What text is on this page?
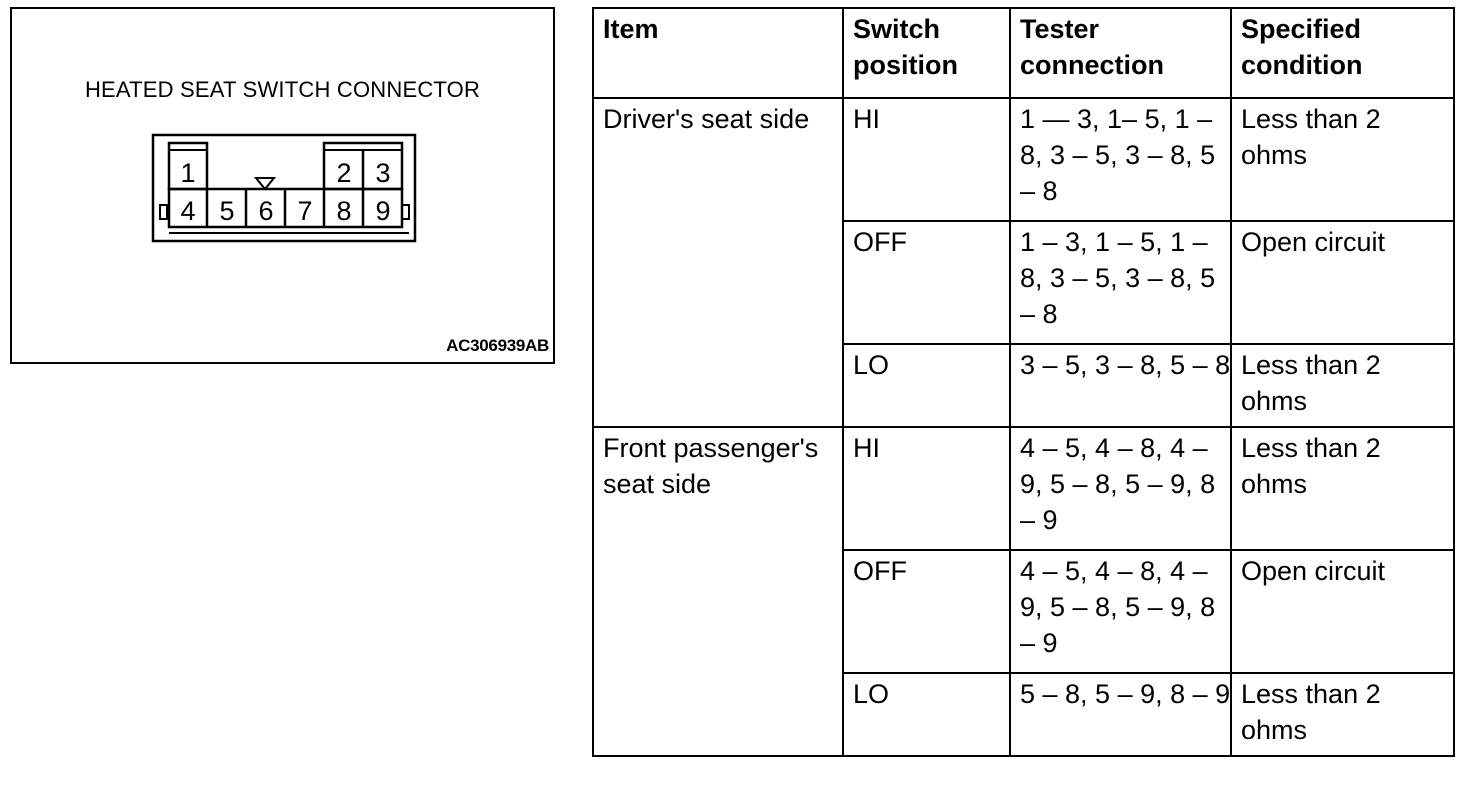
HEATED SEAT SWITCH CONNECTOR
1	2 3
4 5 6 7 8 9
AC306939AB
Item	Switch position	Tester connection	Specified condition
Driver's seat side	HI	1 — 3, 1– 5, 1 – 8, 3 – 5, 3 – 8, 5 – 8	Less than 2 ohms
	OFF	1 – 3, 1 – 5, 1 – 8, 3 – 5, 3 – 8, 5 – 8	Open circuit
	LO	3 – 5, 3 – 8, 5 – 8	Less than 2 ohms
Front passenger's seat side	HI	4 – 5, 4 – 8, 4 – 9, 5 – 8, 5 – 9, 8 – 9	Less than 2 ohms
	OFF	4 – 5, 4 – 8, 4 – 9, 5 – 8, 5 – 9, 8 – 9	Open circuit
	LO	5 – 8, 5 – 9, 8 – 9	Less than 2 ohms
